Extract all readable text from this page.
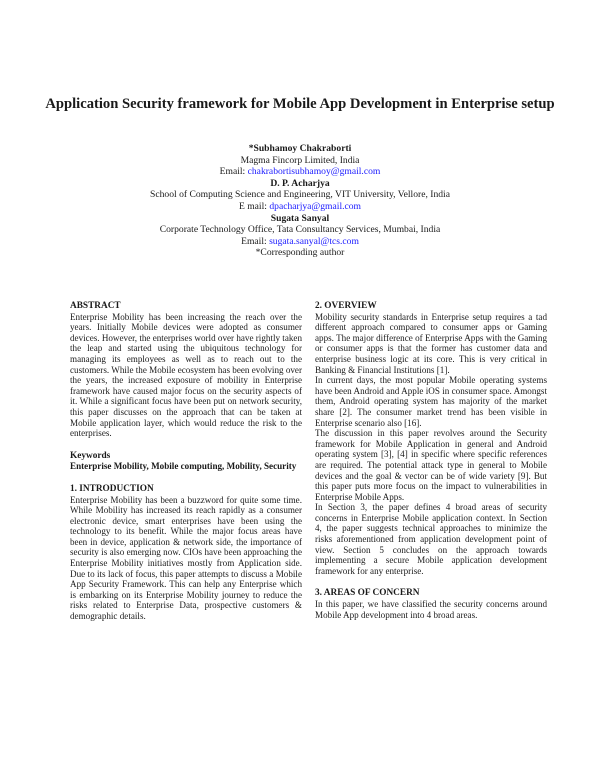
Application Security framework for Mobile App Development in Enterprise setup
*Subhamoy Chakraborti
Magma Fincorp Limited, India
Email: chakrabortisubhamoy@gmail.com
D. P. Acharjya
School of Computing Science and Engineering, VIT University, Vellore, India
E mail: dpacharjya@gmail.com
Sugata Sanyal
Corporate Technology Office, Tata Consultancy Services, Mumbai, India
Email: sugata.sanyal@tcs.com
*Corresponding author
ABSTRACT

Enterprise Mobility has been increasing the reach over the years. Initially Mobile devices were adopted as consumer devices. However, the enterprises world over have rightly taken the leap and started using the ubiquitous technology for managing its employees as well as to reach out to the customers. While the Mobile ecosystem has been evolving over the years, the increased exposure of mobility in Enterprise framework have caused major focus on the security aspects of it. While a significant focus have been put on network security, this paper discusses on the approach that can be taken at Mobile application layer, which would reduce the risk to the enterprises.

Keywords

Enterprise Mobility, Mobile computing, Mobility, Security

1. INTRODUCTION

Enterprise Mobility has been a buzzword for quite some time. While Mobility has increased its reach rapidly as a consumer electronic device, smart enterprises have been using the technology to its benefit. While the major focus areas have been in device, application & network side, the importance of security is also emerging now. CIOs have been approaching the Enterprise Mobility initiatives mostly from Application side. Due to its lack of focus, this paper attempts to discuss a Mobile App Security Framework. This can help any Enterprise which is embarking on its Enterprise Mobility journey to reduce the risks related to Enterprise Data, prospective customers & demographic details.

2. OVERVIEW

Mobility security standards in Enterprise setup requires a tad different approach compared to consumer apps or Gaming apps. The major difference of Enterprise Apps with the Gaming or consumer apps is that the former has customer data and enterprise business logic at its core. This is very critical in Banking & Financial Institutions [1].

In current days, the most popular Mobile operating systems have been Android and Apple iOS in consumer space. Amongst them, Android operating system has majority of the market share [2]. The consumer market trend has been visible in Enterprise scenario also [16].

The discussion in this paper revolves around the Security framework for Mobile Application in general and Android operating system [3], [4] in specific where specific references are required. The potential attack type in general to Mobile devices and the goal & vector can be of wide variety [9]. But this paper puts more focus on the impact to vulnerabilities in Enterprise Mobile Apps.

In Section 3, the paper defines 4 broad areas of security concerns in Enterprise Mobile application context. In Section 4, the paper suggests technical approaches to minimize the risks aforementioned from application development point of view. Section 5 concludes on the approach towards implementing a secure Mobile application development framework for any enterprise.

3. AREAS OF CONCERN

In this paper, we have classified the security concerns around Mobile App development into 4 broad areas.
